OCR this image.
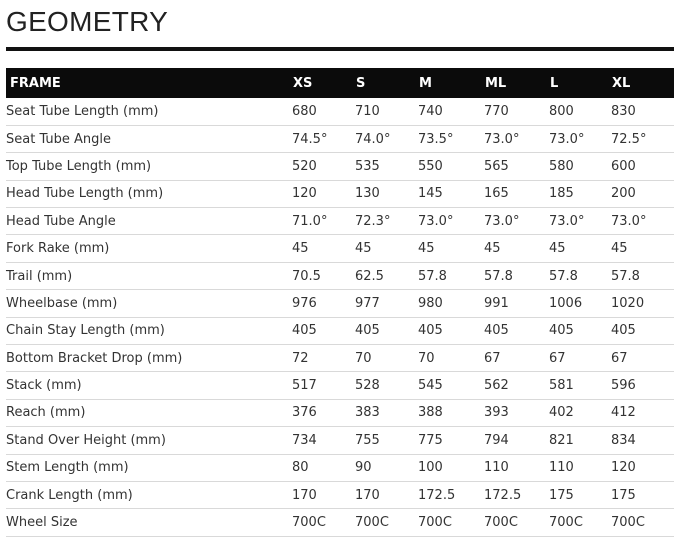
GEOMETRY
FRAME	XS	S	M	ML	L	XL
Seat Tube Length (mm)	680	710	740	770	800	830
Seat Tube Angle	74.5°	74.0°	73.5°	73.0°	73.0°	72.5°
Top Tube Length (mm)	520	535	550	565	580	600
Head Tube Length (mm)	120	130	145	165	185	200
Head Tube Angle	71.0°	72.3°	73.0°	73.0°	73.0°	73.0°
Fork Rake (mm)	45	45	45	45	45	45
Trail (mm)	70.5	62.5	57.8	57.8	57.8	57.8
Wheelbase (mm)	976	977	980	991	1006	1020
Chain Stay Length (mm)	405	405	405	405	405	405
Bottom Bracket Drop (mm)	72	70	70	67	67	67
Stack (mm)	517	528	545	562	581	596
Reach (mm)	376	383	388	393	402	412
Stand Over Height (mm)	734	755	775	794	821	834
Stem Length (mm)	80	90	100	110	110	120
Crank Length (mm)	170	170	172.5	172.5	175	175
Wheel Size	700C	700C	700C	700C	700C	700C
